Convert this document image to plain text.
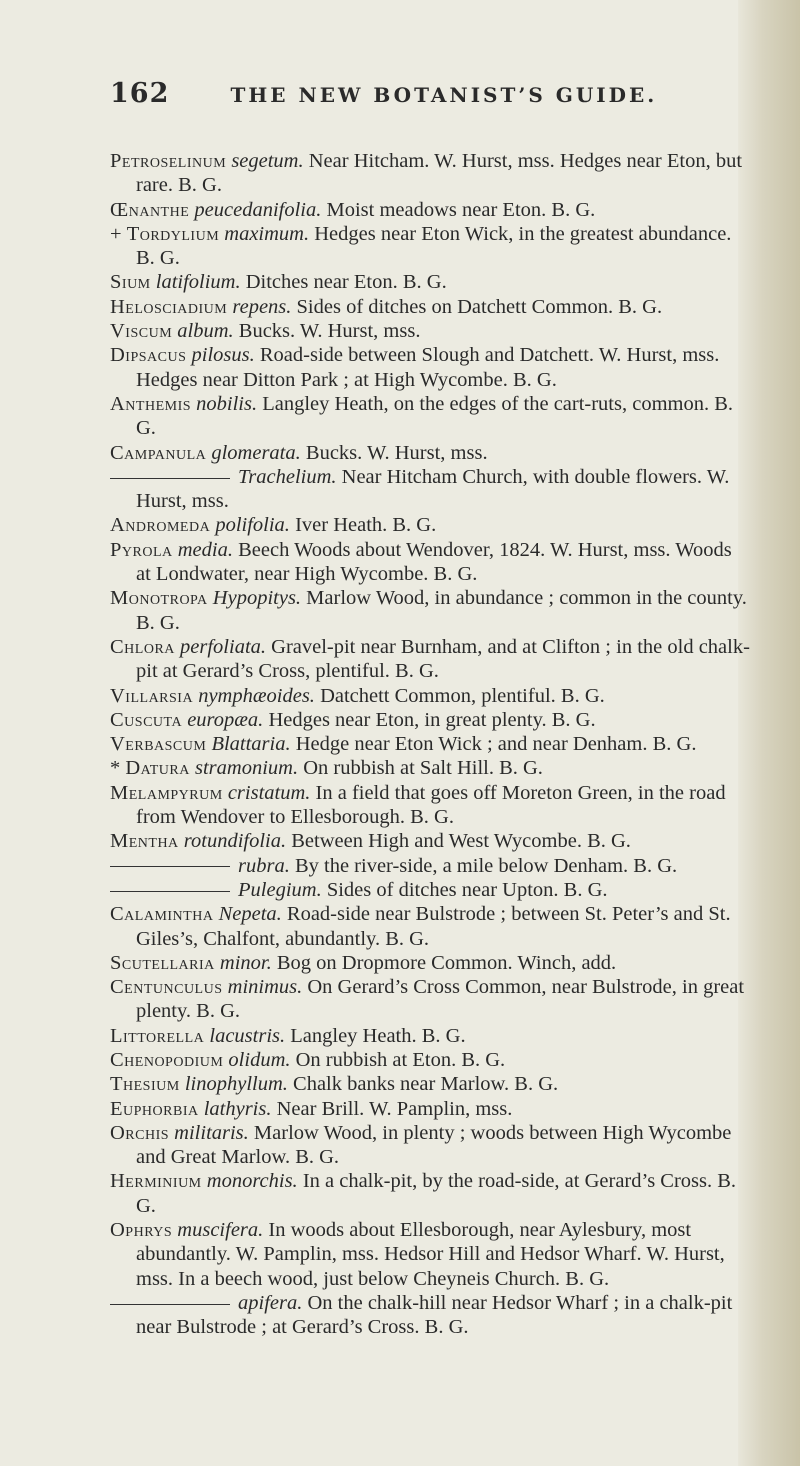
162	THE NEW BOTANIST’S GUIDE.

Petroselinum segetum. Near Hitcham. W. Hurst, mss. Hedges near Eton, but rare. B. G.

Œnanthe peucedanifolia. Moist meadows near Eton. B. G.

+ Tordylium maximum. Hedges near Eton Wick, in the greatest abundance. B. G.

Sium latifolium. Ditches near Eton. B. G.

Helosciadium repens. Sides of ditches on Datchett Common. B. G.

Viscum album. Bucks. W. Hurst, mss.

Dipsacus pilosus. Road-side between Slough and Datchett. W. Hurst, mss. Hedges near Ditton Park ; at High Wycombe. B. G.

Anthemis nobilis. Langley Heath, on the edges of the cart-ruts, common. B. G.

Campanula glomerata. Bucks. W. Hurst, mss.

Trachelium. Near Hitcham Church, with double flowers. W. Hurst, mss.

Andromeda polifolia. Iver Heath. B. G.

Pyrola media. Beech Woods about Wendover, 1824. W. Hurst, mss. Woods at Londwater, near High Wycombe. B. G.

Monotropa Hypopitys. Marlow Wood, in abundance ; common in the county. B. G.

Chlora perfoliata. Gravel-pit near Burnham, and at Clifton ; in the old chalk-pit at Gerard’s Cross, plentiful. B. G.

Villarsia nymphæoides. Datchett Common, plentiful. B. G.

Cuscuta europæa. Hedges near Eton, in great plenty. B. G.

Verbascum Blattaria. Hedge near Eton Wick ; and near Denham. B. G.

* Datura stramonium. On rubbish at Salt Hill. B. G.

Melampyrum cristatum. In a field that goes off Moreton Green, in the road from Wendover to Ellesborough. B. G.

Mentha rotundifolia. Between High and West Wycombe. B. G.

rubra. By the river-side, a mile below Denham. B. G.

Pulegium. Sides of ditches near Upton. B. G.

Calamintha Nepeta. Road-side near Bulstrode ; between St. Peter’s and St. Giles’s, Chalfont, abundantly. B. G.

Scutellaria minor. Bog on Dropmore Common. Winch, add.

Centunculus minimus. On Gerard’s Cross Common, near Bulstrode, in great plenty. B. G.

Littorella lacustris. Langley Heath. B. G.

Chenopodium olidum. On rubbish at Eton. B. G.

Thesium linophyllum. Chalk banks near Marlow. B. G.

Euphorbia lathyris. Near Brill. W. Pamplin, mss.

Orchis militaris. Marlow Wood, in plenty ; woods between High Wycombe and Great Marlow. B. G.

Herminium monorchis. In a chalk-pit, by the road-side, at Gerard’s Cross. B. G.

Ophrys muscifera. In woods about Ellesborough, near Aylesbury, most abundantly. W. Pamplin, mss. Hedsor Hill and Hedsor Wharf. W. Hurst, mss. In a beech wood, just below Cheyneis Church. B. G.

apifera. On the chalk-hill near Hedsor Wharf ; in a chalk-pit near Bulstrode ; at Gerard’s Cross. B. G.
